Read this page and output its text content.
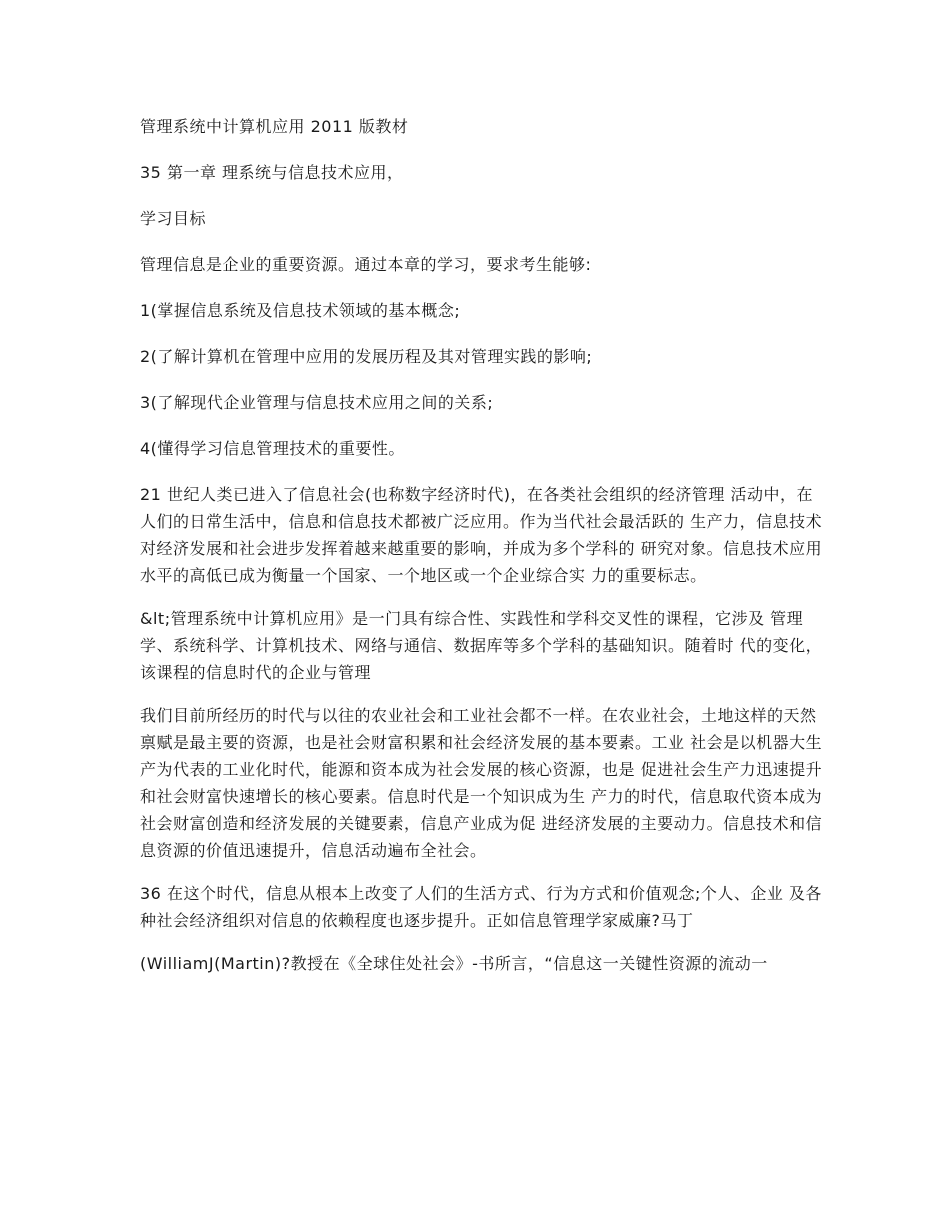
管理系统中计算机应用 2011 版教材

35 第一章 理系统与信息技术应用，

学习目标

管理信息是企业的重要资源。通过本章的学习，要求考生能够:

1(掌握信息系统及信息技术领域的基本概念;

2(了解计算机在管理中应用的发展历程及其对管理实践的影响;

3(了解现代企业管理与信息技术应用之间的关系;

4(懂得学习信息管理技术的重要性。

21 世纪人类已进入了信息社会(也称数字经济时代)，在各类社会组织的经济管理 活动中，在人们的日常生活中，信息和信息技术都被广泛应用。作为当代社会最活跃的 生产力，信息技术对经济发展和社会进步发挥着越来越重要的影响，并成为多个学科的 研究对象。信息技术应用水平的高低已成为衡量一个国家、一个地区或一个企业综合实 力的重要标志。

&lt;管理系统中计算机应用》是一门具有综合性、实践性和学科交叉性的课程，它涉及 管理学、系统科学、计算机技术、网络与通信、数据库等多个学科的基础知识。随着时 代的变化，该课程的信息时代的企业与管理

我们目前所经历的时代与以往的农业社会和工业社会都不一样。在农业社会，土地这样的天然禀赋是最主要的资源，也是社会财富积累和社会经济发展的基本要素。工业 社会是以机器大生产为代表的工业化时代，能源和资本成为社会发展的核心资源，也是 促进社会生产力迅速提升和社会财富快速增长的核心要素。信息时代是一个知识成为生 产力的时代，信息取代资本成为社会财富创造和经济发展的关键要素，信息产业成为促 进经济发展的主要动力。信息技术和信息资源的价值迅速提升，信息活动遍布全社会。

36 在这个时代，信息从根本上改变了人们的生活方式、行为方式和价值观念;个人、企业 及各种社会经济组织对信息的依赖程度也逐步提升。正如信息管理学家威廉?马丁

(WilliamJ(Martin)?教授在《全球住处社会》-书所言，“信息这一关键性资源的流动一
